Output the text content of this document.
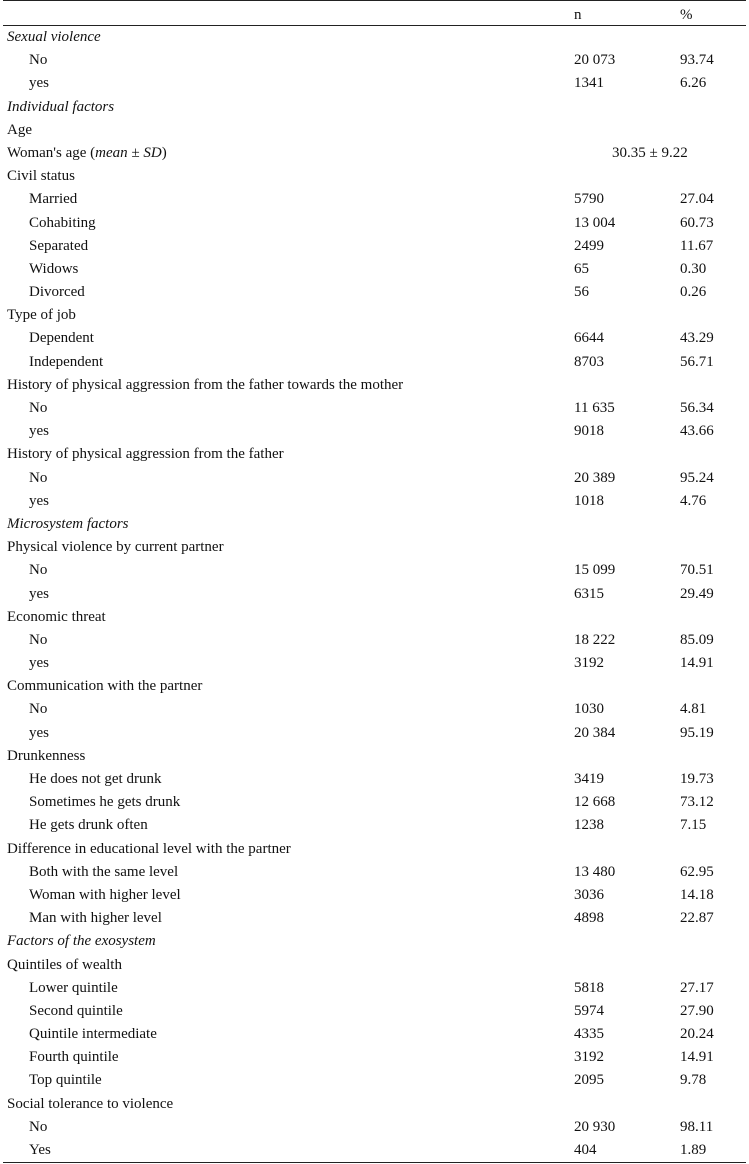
n	%
Sexual violence
No	20 073	93.74
yes	1341	6.26
Individual factors
Age
Woman's age (mean ± SD)	30.35 ± 9.22
Civil status
Married	5790	27.04
Cohabiting	13 004	60.73
Separated	2499	11.67
Widows	65	0.30
Divorced	56	0.26
Type of job
Dependent	6644	43.29
Independent	8703	56.71
History of physical aggression from the father towards the mother
No	11 635	56.34
yes	9018	43.66
History of physical aggression from the father
No	20 389	95.24
yes	1018	4.76
Microsystem factors
Physical violence by current partner
No	15 099	70.51
yes	6315	29.49
Economic threat
No	18 222	85.09
yes	3192	14.91
Communication with the partner
No	1030	4.81
yes	20 384	95.19
Drunkenness
He does not get drunk	3419	19.73
Sometimes he gets drunk	12 668	73.12
He gets drunk often	1238	7.15
Difference in educational level with the partner
Both with the same level	13 480	62.95
Woman with higher level	3036	14.18
Man with higher level	4898	22.87
Factors of the exosystem
Quintiles of wealth
Lower quintile	5818	27.17
Second quintile	5974	27.90
Quintile intermediate	4335	20.24
Fourth quintile	3192	14.91
Top quintile	2095	9.78
Social tolerance to violence
No	20 930	98.11
Yes	404	1.89
